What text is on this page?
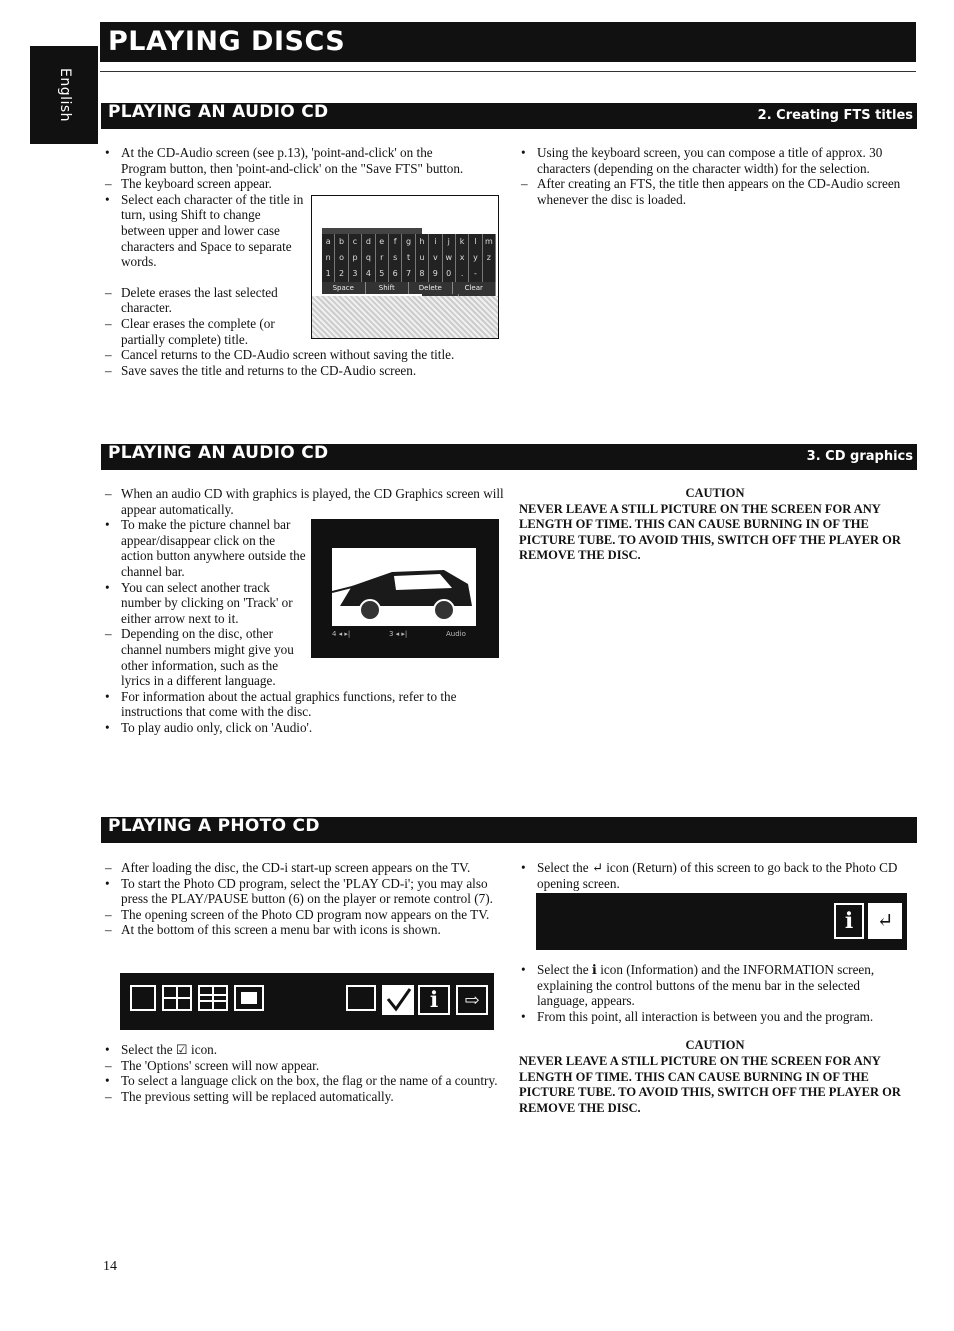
English
PLAYING DISCS
PLAYING AN AUDIO CD	2. Creating FTS titles
• At the CD-Audio screen (see p.13), 'point-and-click' on the Program button, then 'point-and-click' on the "Save FTS" button.
– The keyboard screen appear.
• Select each character of the title in turn, using Shift to change between upper and lower case characters and Space to separate words.
– Delete erases the last selected character.
– Clear erases the complete (or partially complete) title.
– Cancel returns to the CD-Audio screen without saving the title.
– Save saves the title and returns to the CD-Audio screen.
a	b	c	d	e	f	g	h	i	j	k	l	m
n	o	p	q	r	s	t	u	v w x	y	z
1	2	3	4	5	6	7	8	9	0	.	-
Space	Shift	Delete	Clear
• Using the keyboard screen, you can compose a title of approx. 30 characters (depending on the character width) for the selection.
– After creating an FTS, the title then appears on the CD-Audio screen whenever the disc is loaded.
PLAYING AN AUDIO CD	3. CD graphics
– When an audio CD with graphics is played, the CD Graphics screen will appear automatically.
• To make the picture channel bar appear/disappear click on the action button anywhere outside the channel bar.
• You can select another track number by clicking on 'Track' or either arrow next to it.
– Depending on the disc, other channel numbers might give you other information, such as the lyrics in a different language.
• For information about the actual graphics functions, refer to the instructions that come with the disc.
• To play audio only, click on 'Audio'.
4 ◂ ▸|	3 ◂ ▸|	Audio
CAUTION
NEVER LEAVE A STILL PICTURE ON THE SCREEN FOR ANY LENGTH OF TIME. THIS CAN CAUSE BURNING IN OF THE PICTURE TUBE. TO AVOID THIS, SWITCH OFF THE PLAYER OR REMOVE THE DISC.
PLAYING A PHOTO CD
– After loading the disc, the CD-i start-up screen appears on the TV.
• To start the Photo CD program, select the 'PLAY CD-i'; you may also press the PLAY/PAUSE button (6) on the player or remote control (7).
– The opening screen of the Photo CD program now appears on the TV.
– At the bottom of this screen a menu bar with icons is shown.
ℹ	⇨
• Select the ☑ icon.
– The 'Options' screen will now appear.
• To select a language click on the box, the flag or the name of a country.
– The previous setting will be replaced automatically.
• Select the ↵ icon (Return) of this screen to go back to the Photo CD opening screen.
ℹ	↵
• Select the ℹ icon (Information) and the INFORMATION screen, explaining the control buttons of the menu bar in the selected language, appears.
• From this point, all interaction is between you and the program.
CAUTION
NEVER LEAVE A STILL PICTURE ON THE SCREEN FOR ANY LENGTH OF TIME. THIS CAN CAUSE BURNING IN OF THE PICTURE TUBE. TO AVOID THIS, SWITCH OFF THE PLAYER OR REMOVE THE DISC.
14
